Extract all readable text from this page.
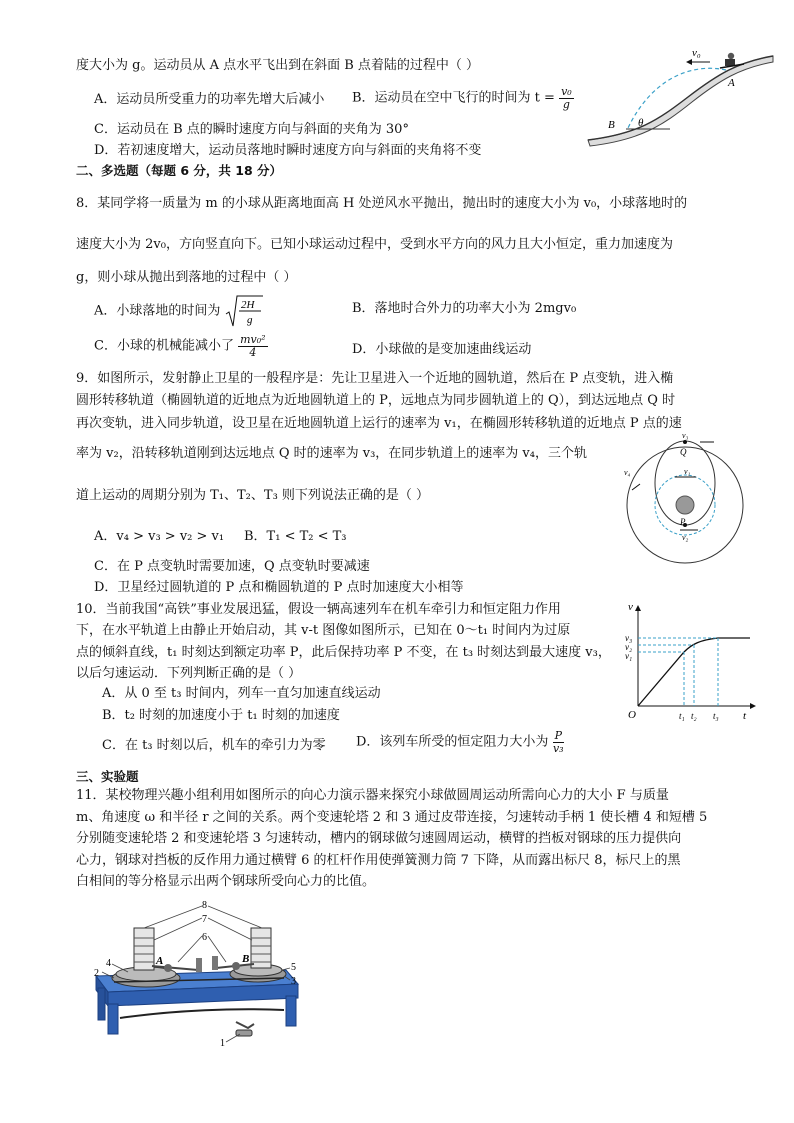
度大小为 g。运动员从 A 点水平飞出到在斜面 B 点着陆的过程中（ ）
A．运动员所受重力的功率先增大后减小 B．运动员在空中飞行的时间为 $t = \frac{\text{v₀}}{g}$
C．运动员在 B 点的瞬时速度方向与斜面的夹角为 30°
D．若初速度增大，运动员落地时瞬时速度方向与斜面的夹角将不变
v₀
A
B θ
二、多选题（每题 6 分，共 18 分）
8．某同学将一质量为 m 的小球从距离地面高 H 处逆风水平抛出，抛出时的速度大小为 v₀，小球落地时的
速度大小为 2v₀，方向竖直向下。已知小球运动过程中，受到水平方向的风力且大小恒定，重力加速度为
g，则小球从抛出到落地的过程中（ ）
A．小球落地的时间为 2H
g
B．落地时合外力的功率大小为 2mgv₀
C．小球的机械能减小了 $\frac{\text{mv₀²}}{4}$	D．小球做的是变加速曲线运动
9．如图所示，发射静止卫星的一般程序是：先让卫星进入一个近地的圆轨道，然后在 P 点变轨，进入椭
圆形转移轨道（椭圆轨道的近地点为近地圆轨道上的 P，远地点为同步圆轨道上的 Q），到达远地点 Q 时
再次变轨，进入同步轨道，设卫星在近地圆轨道上运行的速率为 v₁，在椭圆形转移轨道的近地点 P 点的速
率为 v₂，沿转移轨道刚到达远地点 Q 时的速率为 v₃，在同步轨道上的速率为 v₄，三个轨
道上运动的周期分别为 T₁、T₂、T₃ 则下列说法正确的是（ ）
A．v₄ > v₃ > v₂ > v₁ B．T₁ < T₂ < T₃
C．在 P 点变轨时需要加速，Q 点变轨时要减速
D．卫星经过圆轨道的 P 点和椭圆轨道的 P 点时加速度大小相等
v₃
Q
v₁
v₄
P
v₂
10．当前我国“高铁”事业发展迅猛，假设一辆高速列车在机车牵引力和恒定阻力作用
下，在水平轨道上由静止开始启动，其 v-t 图像如图所示，已知在 0～t₁ 时间内为过原
点的倾斜直线，t₁ 时刻达到额定功率 P，此后保持功率 P 不变，在 t₃ 时刻达到最大速度 v₃，
以后匀速运动．下列判断正确的是（ ）
A．从 0 至 t₃ 时间内，列车一直匀加速直线运动
B．t₂ 时刻的加速度小于 t₁ 时刻的加速度
C．在 t₃ 时刻以后，机车的牵引力为零 D．该列车所受的恒定阻力大小为 $\frac{P}{\text{v₃}}$
v
v₃
v₂
v₁
O	t₁ t₂ t₃ t
三、实验题
11．某校物理兴趣小组利用如图所示的向心力演示器来探究小球做圆周运动所需向心力的大小 F 与质量
m、角速度 ω 和半径 r 之间的关系。两个变速轮塔 2 和 3 通过皮带连接，匀速转动手柄 1 使长槽 4 和短槽 5
分别随变速轮塔 2 和变速轮塔 3 匀速转动，槽内的钢球做匀速圆周运动，横臂的挡板对钢球的压力提供向
心力，钢球对挡板的反作用力通过横臂 6 的杠杆作用使弹簧测力筒 7 下降，从而露出标尺 8，标尺上的黑
白相间的等分格显示出两个钢球所受向心力的比值。
8
7
6
4
2
5
3
1
A	B
